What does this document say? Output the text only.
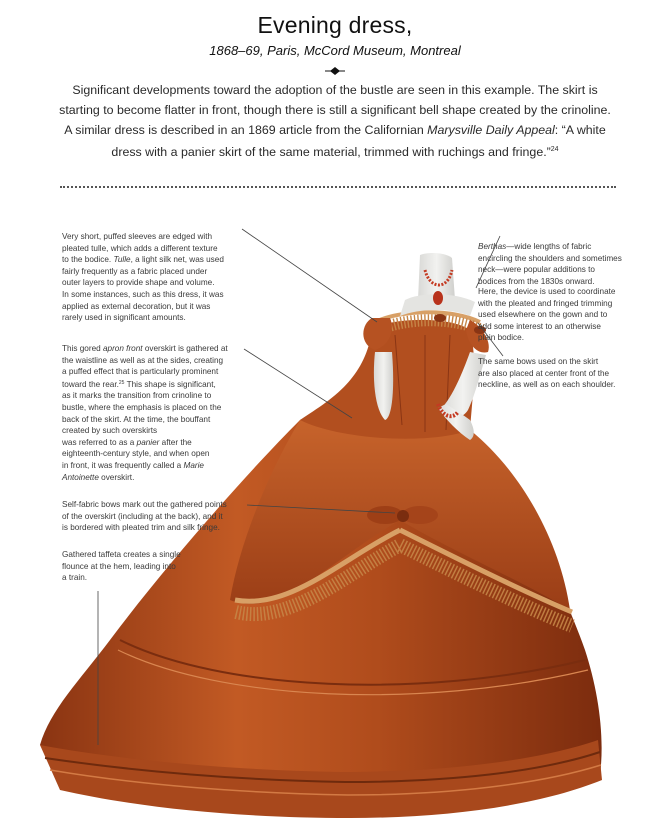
Evening dress,
1868–69, Paris, McCord Museum, Montreal
Significant developments toward the adoption of the bustle are seen in this example. The skirt is
starting to become flatter in front, though there is still a significant bell shape created by the crinoline.
A similar dress is described in an 1869 article from the Californian Marysville Daily Appeal: “A white
dress with a panier skirt of the same material, trimmed with ruchings and fringe.”$^{24}$
Very short, puffed sleeves are edged with
pleated tulle, which adds a different texture
to the bodice. Tulle, a light silk net, was used
fairly frequently as a fabric placed under
outer layers to provide shape and volume.
In some instances, such as this dress, it was
applied as external decoration, but it was
rarely used in significant amounts.
This gored apron front overskirt is gathered at
the waistline as well as at the sides, creating
a puffed effect that is particularly prominent
toward the rear.$^{25}$ This shape is significant,
as it marks the transition from crinoline to
bustle, where the emphasis is placed on the
back of the skirt. At the time, the bouffant
created by such overskirts
was referred to as a panier after the
eighteenth-century style, and when open
in front, it was frequently called a Marie
Antoinette overskirt.
Self-fabric bows mark out the gathered points
of the overskirt (including at the back), and it
is bordered with pleated trim and silk fringe.
Gathered taffeta creates a single
flounce at the hem, leading into
a train.
Berthas—wide lengths of fabric
encircling the shoulders and sometimes
neck—were popular additions to
bodices from the 1830s onward.
Here, the device is used to coordinate
with the pleated and fringed trimming
used elsewhere on the gown and to
add some interest to an otherwise
plain bodice.
The same bows used on the skirt
are also placed at center front of the
neckline, as well as on each shoulder.
